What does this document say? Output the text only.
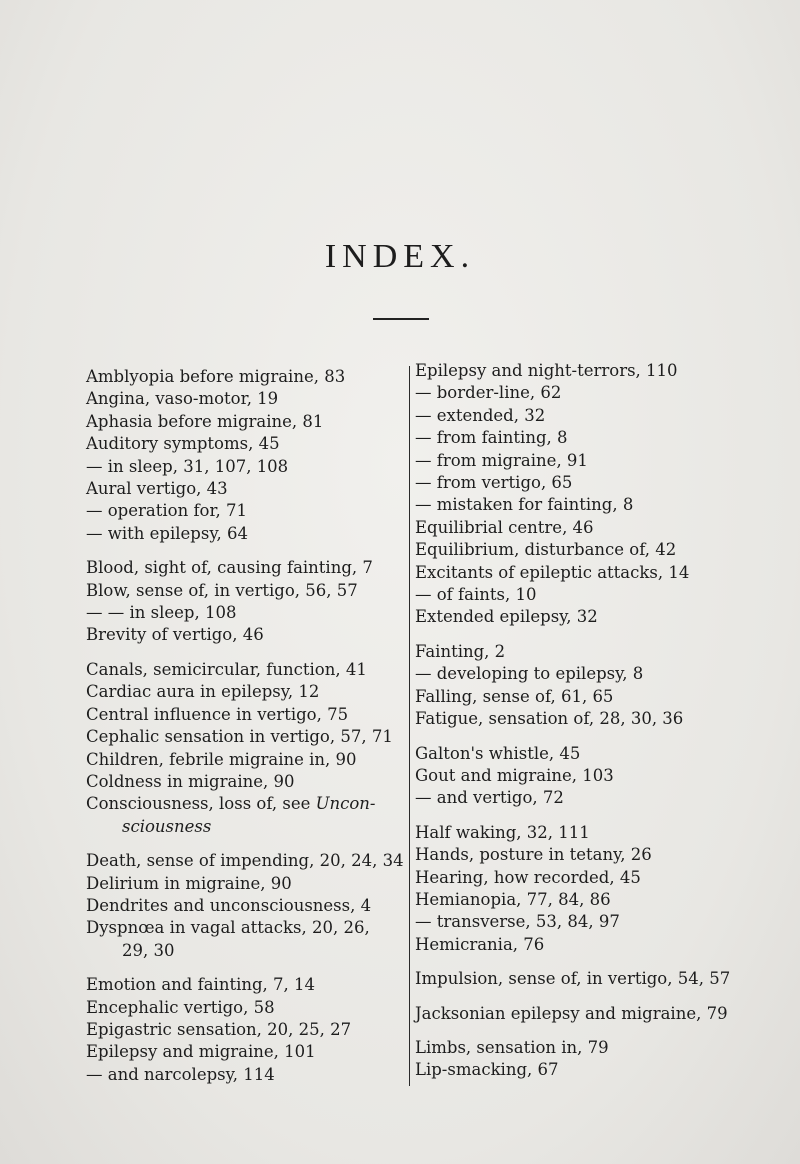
INDEX.
Amblyopia before migraine, 83
Angina, vaso-motor, 19
Aphasia before migraine, 81
Auditory symptoms, 45
— in sleep, 31, 107, 108
Aural vertigo, 43
— operation for, 71
— with epilepsy, 64
Blood, sight of, causing fainting, 7
Blow, sense of, in vertigo, 56, 57
— — in sleep, 108
Brevity of vertigo, 46
Canals, semicircular, function, 41
Cardiac aura in epilepsy, 12
Central influence in vertigo, 75
Cephalic sensation in vertigo, 57, 71
Children, febrile migraine in, 90
Coldness in migraine, 90
Consciousness, loss of, see Uncon-
sciousness
Death, sense of impending, 20, 24, 34
Delirium in migraine, 90
Dendrites and unconsciousness, 4
Dyspnœa in vagal attacks, 20, 26,
29, 30
Emotion and fainting, 7, 14
Encephalic vertigo, 58
Epigastric sensation, 20, 25, 27
Epilepsy and migraine, 101
— and narcolepsy, 114
Epilepsy and night-terrors, 110
— border-line, 62
— extended, 32
— from fainting, 8
— from migraine, 91
— from vertigo, 65
— mistaken for fainting, 8
Equilibrial centre, 46
Equilibrium, disturbance of, 42
Excitants of epileptic attacks, 14
— of faints, 10
Extended epilepsy, 32
Fainting, 2
— developing to epilepsy, 8
Falling, sense of, 61, 65
Fatigue, sensation of, 28, 30, 36
Galton's whistle, 45
Gout and migraine, 103
— and vertigo, 72
Half waking, 32, 111
Hands, posture in tetany, 26
Hearing, how recorded, 45
Hemianopia, 77, 84, 86
— transverse, 53, 84, 97
Hemicrania, 76
Impulsion, sense of, in vertigo, 54, 57
Jacksonian epilepsy and migraine, 79
Limbs, sensation in, 79
Lip-smacking, 67
